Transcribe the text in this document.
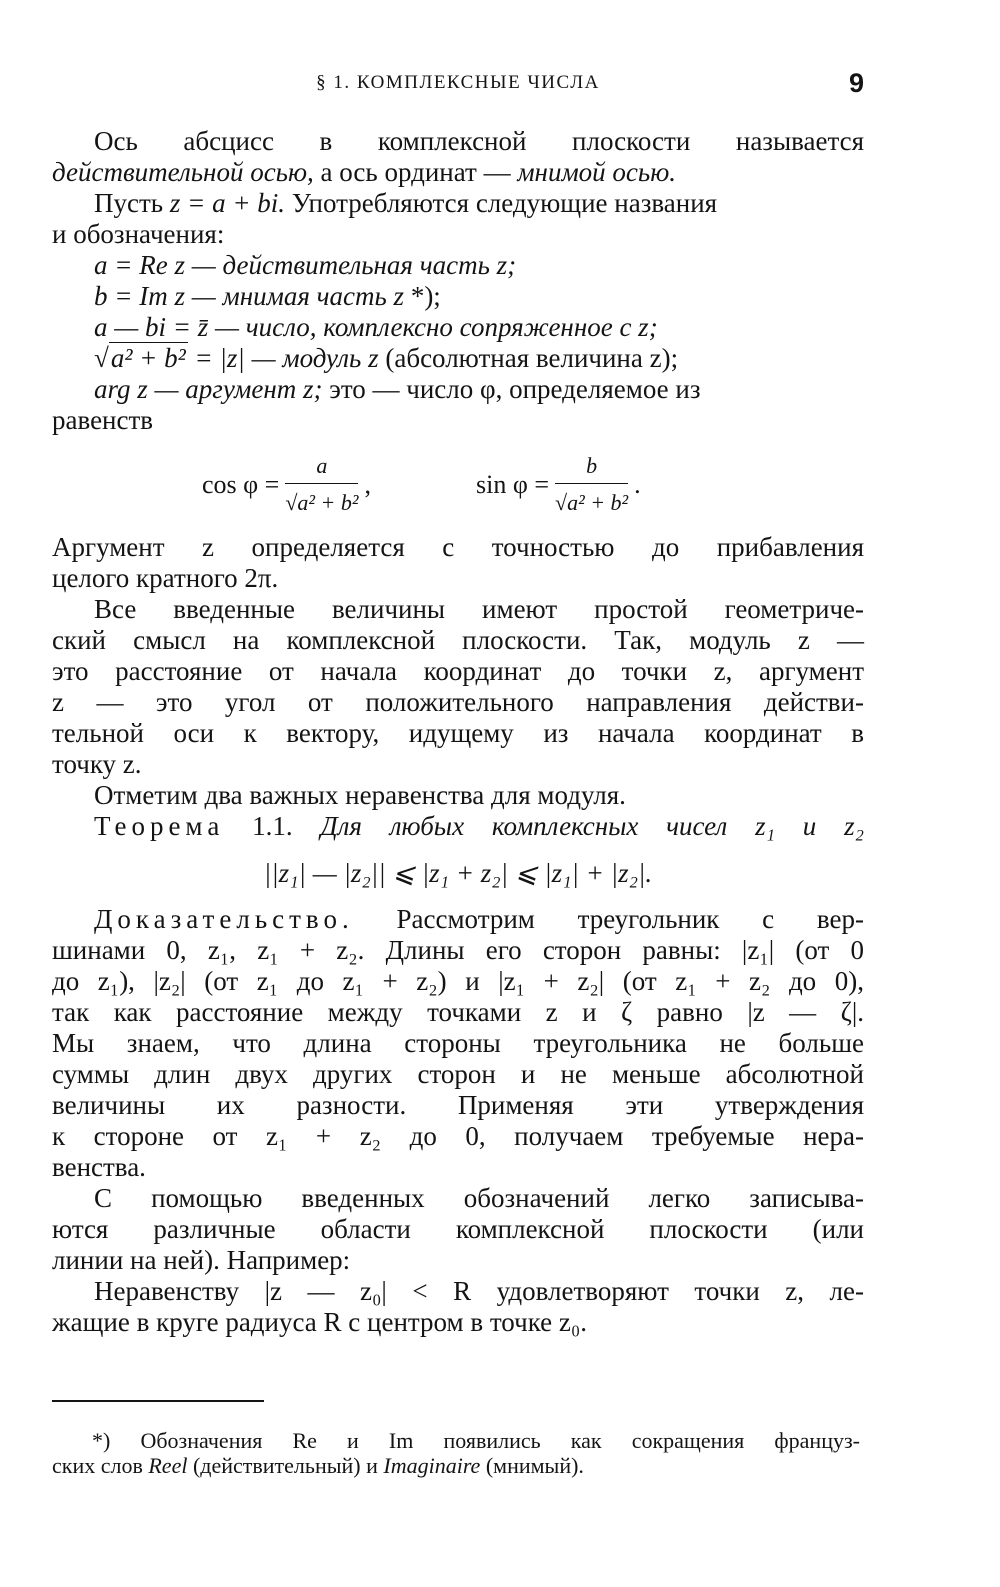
§ 1. КОМПЛЕКСНЫЕ ЧИСЛА	9
Ось абсцисс в комплексной плоскости называется
действительной осью, а ось ординат — мнимой осью.
Пусть z = a + bi. Употребляются следующие названия
и обозначения:
a = Re z — действительная часть z;
b = Im z — мнимая часть z *);
a — bi = z̄ — число, комплексно сопряженное с z;
√a² + b² = |z| — модуль z (абсолютная величина z);
arg z — аргумент z; это — число φ, определяемое из
равенств
$\cos \varphi = \frac{a}{\text{√a² + b²}}$ ,	$\sin \varphi = \frac{b}{\text{√a² + b²}}$ .
Аргумент z определяется с точностью до прибавления
целого кратного 2π.
Все введенные величины имеют простой геометриче-
ский смысл на комплексной плоскости. Так, модуль z —
это расстояние от начала координат до точки z, аргумент
z — это угол от положительного направления действи-
тельной оси к вектору, идущему из начала координат в
точку z.
Отметим два важных неравенства для модуля.
Теорема 1.1. Для любых комплексных чисел z₁ и z₂
||z₁| — |z₂|| ⩽ |z₁ + z₂| ⩽ |z₁| + |z₂|.
Доказательство. Рассмотрим треугольник с вер-
шинами 0, z₁, z₁ + z₂. Длины его сторон равны: |z₁| (от 0
до z₁), |z₂| (от z₁ до z₁ + z₂) и |z₁ + z₂| (от z₁ + z₂ до 0),
так как расстояние между точками z и ζ равно |z — ζ|.
Мы знаем, что длина стороны треугольника не больше
суммы длин двух других сторон и не меньше абсолютной
величины их разности. Применяя эти утверждения
к стороне от z₁ + z₂ до 0, получаем требуемые нера-
венства.
С помощью введенных обозначений легко записыва-
ются различные области комплексной плоскости (или
линии на ней). Например:
Неравенству |z — z₀| < R удовлетворяют точки z, ле-
жащие в круге радиуса R с центром в точке z₀.
*) Обозначения Re и Im появились как сокращения француз-
ских слов Reel (действительный) и Imaginaire (мнимый).
